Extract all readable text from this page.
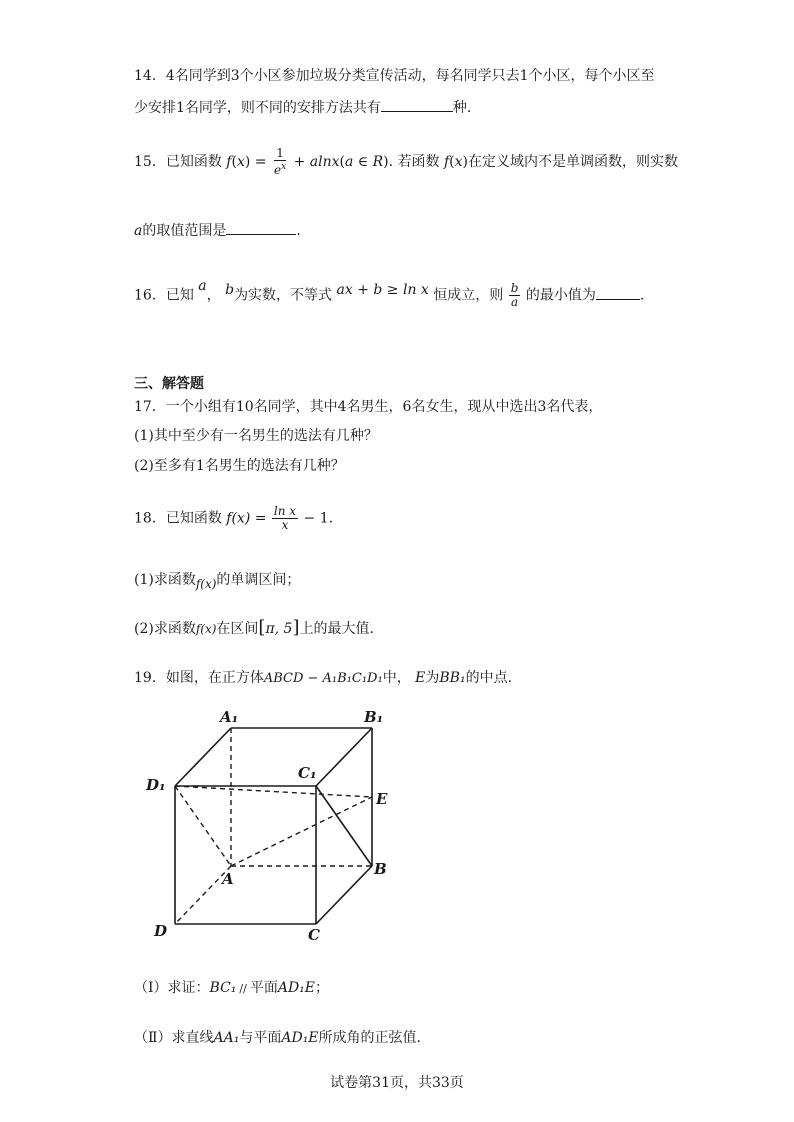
14．4名同学到3个小区参加垃圾分类宣传活动，每名同学只去1个小区，每个小区至
少安排1名同学，则不同的安排方法共有	种.
15．已知函数 $f(x) = \frac{1}{e^x} + alnx(a$ ∈ R). 若函数 f(x)在定义域内不是单调函数，则实数
a的取值范围是	.
16．已知 a， b为实数，不等式 ax + b ≥ ln x 恒成立，则 $\frac{b}{a}$ 的最小值为	.
三、解答题
17．一个小组有10名同学，其中4名男生，6名女生，现从中选出3名代表，
(1)其中至少有一名男生的选法有几种？
(2)至多有1名男生的选法有几种？
18．已知函数 $f(x) = \frac{\text{ln x}}{x} - 1$.
(1)求函数f(x)的单调区间；
(2)求函数f(x)在区间[π, 5]上的最大值.
19．如图，在正方体ABCD − A₁B₁C₁D₁中， E为BB₁的中点.
A₁	B₁
C₁
D₁
E
A
B
C
D
（Ⅰ）求证：BC₁ // 平面AD₁E；
（Ⅱ）求直线AA₁与平面AD₁E所成角的正弦值.
试卷第31页，共33页
